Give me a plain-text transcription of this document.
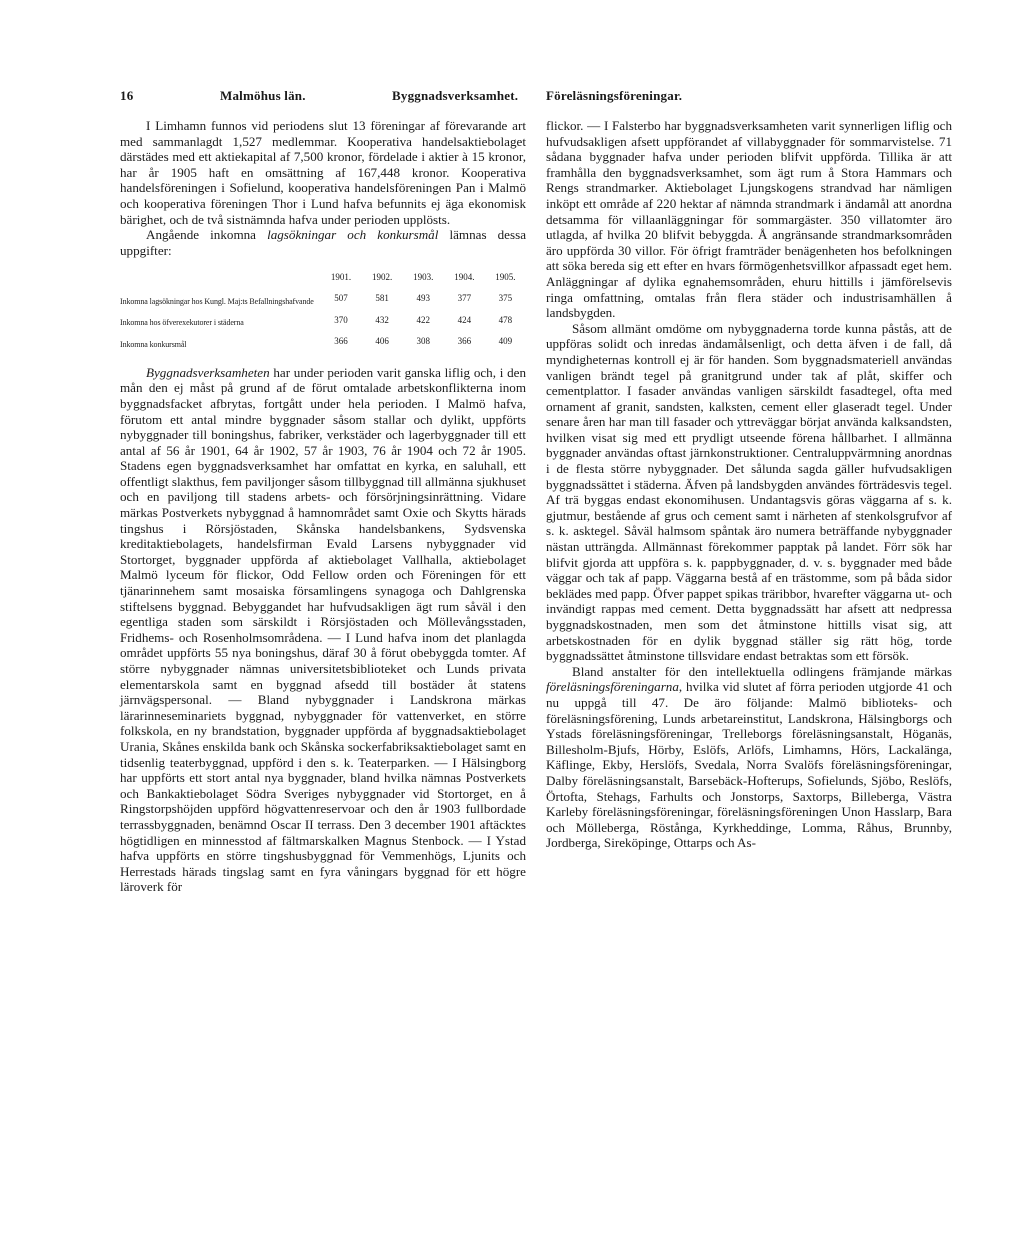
16	Malmöhus län.	Byggnadsverksamhet. Föreläsningsföreningar.

I Limhamn funnos vid periodens slut 13 föreningar af förevarande art med sammanlagdt 1,527 medlemmar. Kooperativa handelsaktiebolaget därstädes med ett aktiekapital af 7,500 kronor, fördelade i aktier à 15 kronor, har år 1905 haft en omsättning af 167,448 kronor. Kooperativa handelsföreningen i Sofielund, kooperativa handelsföreningen Pan i Malmö och kooperativa föreningen Thor i Lund hafva befunnits ej äga ekonomisk bärighet, och de två sistnämnda hafva under perioden upplösts.

Angående inkomna lagsökningar och konkursmål lämnas dessa uppgifter:

	1901.	1902.	1903.	1904.	1905.
Inkomna lagsökningar hos Kungl. Maj:ts Befallningshafvande	507	581	493	377	375
Inkomna hos öfverexekutorer i städerna	370	432	422	424	478
Inkomna konkursmål	366	406	308	366	409

Byggnadsverksamheten har under perioden varit ganska liflig och, i den mån den ej måst på grund af de förut omtalade arbetskonflikterna inom byggnadsfacket afbrytas, fortgått under hela perioden. I Malmö hafva, förutom ett antal mindre byggnader såsom stallar och dylikt, uppförts nybyggnader till boningshus, fabriker, verkstäder och lagerbyggnader till ett antal af 56 år 1901, 64 år 1902, 57 år 1903, 76 år 1904 och 72 år 1905. Stadens egen byggnadsverksamhet har omfattat en kyrka, en saluhall, ett offentligt slakthus, fem paviljonger såsom tillbyggnad till allmänna sjukhuset och en paviljong till stadens arbets- och försörjningsinrättning. Vidare märkas Postverkets nybyggnad å hamnområdet samt Oxie och Skytts härads tingshus i Rörsjöstaden, Skånska handelsbankens, Sydsvenska kreditaktiebolagets, handelsfirman Evald Larsens nybyggnader vid Stortorget, byggnader uppförda af aktiebolaget Vallhalla, aktiebolaget Malmö lyceum för flickor, Odd Fellow orden och Föreningen för ett tjänarinnehem samt mosaiska församlingens synagoga och Dahlgrenska stiftelsens byggnad. Bebyggandet har hufvudsakligen ägt rum såväl i den egentliga staden som särskildt i Rörsjöstaden och Möllevångsstaden, Fridhems- och Rosenholmsområdena. — I Lund hafva inom det planlagda området uppförts 55 nya boningshus, däraf 30 å förut obebyggda tomter. Af större nybyggnader nämnas universitetsbiblioteket och Lunds privata elementarskola samt en byggnad afsedd till bostäder åt statens järnvägspersonal. — Bland nybyggnader i Landskrona märkas lärarinneseminariets byggnad, nybyggnader för vattenverket, en större folkskola, en ny brandstation, byggnader uppförda af byggnadsaktiebolaget Urania, Skånes enskilda bank och Skånska sockerfabriksaktiebolaget samt en tidsenlig teaterbyggnad, uppförd i den s. k. Teaterparken. — I Hälsingborg har uppförts ett stort antal nya byggnader, bland hvilka nämnas Postverkets och Bankaktiebolaget Södra Sveriges nybyggnader vid Stortorget, en å Ringstorpshöjden uppförd högvattenreservoar och den år 1903 fullbordade terrassbyggnaden, benämnd Oscar II terrass. Den 3 december 1901 aftäcktes högtidligen en minnesstod af fältmarskalken Magnus Stenbock. — I Ystad hafva uppförts en större tingshusbyggnad för Vemmenhögs, Ljunits och Herrestads härads tingslag samt en fyra våningars byggnad för ett högre läroverk för

flickor. — I Falsterbo har byggnadsverksamheten varit synnerligen liflig och hufvudsakligen afsett uppförandet af villabyggnader för sommarvistelse. 71 sådana byggnader hafva under perioden blifvit uppförda. Tillika är att framhålla den byggnadsverksamhet, som ägt rum å Stora Hammars och Rengs strandmarker. Aktiebolaget Ljungskogens strandvad har nämligen inköpt ett område af 220 hektar af nämnda strandmark i ändamål att anordna detsamma för villaanläggningar för sommargäster. 350 villatomter äro utlagda, af hvilka 20 blifvit bebyggda. Å angränsande strandmarksområden äro uppförda 30 villor. För öfrigt framträder benägenheten hos befolkningen att söka bereda sig ett efter en hvars förmögenhetsvillkor afpassadt eget hem. Anläggningar af dylika egnahemsområden, ehuru hittills i jämförelsevis ringa omfattning, omtalas från flera städer och industrisamhällen å landsbygden.

Såsom allmänt omdöme om nybyggnaderna torde kunna påstås, att de uppföras solidt och inredas ändamålsenligt, och detta äfven i de fall, då myndigheternas kontroll ej är för handen. Som byggnadsmateriell användas vanligen brändt tegel på granitgrund under tak af plåt, skiffer och cementplattor. I fasader användas vanligen särskildt fasadtegel, ofta med ornament af granit, sandsten, kalksten, cement eller glaseradt tegel. Under senare åren har man till fasader och yttreväggar börjat använda kalksandsten, hvilken visat sig med ett prydligt utseende förena hållbarhet. I allmänna byggnader användas oftast järnkonstruktioner. Centraluppvärmning anordnas i de flesta större nybyggnader. Det sålunda sagda gäller hufvudsakligen byggnadssättet i städerna. Äfven på landsbygden användes förträdesvis tegel. Af trä byggas endast ekonomihusen. Undantagsvis göras väggarna af s. k. gjutmur, bestående af grus och cement samt i närheten af stenkolsgrufvor af s. k. asktegel. Såväl halmsom spåntak äro numera beträffande nybyggnader nästan utträngda. Allmännast förekommer papptak på landet. Förr sök har blifvit gjorda att uppföra s. k. pappbyggnader, d. v. s. byggnader med både väggar och tak af papp. Väggarna bestå af en trästomme, som på båda sidor beklädes med papp. Öfver pappet spikas träribbor, hvarefter väggarna ut- och invändigt rappas med cement. Detta byggnadssätt har afsett att nedpressa byggnadskostnaden, men som det åtminstone hittills visat sig, att arbetskostnaden för en dylik byggnad ställer sig rätt hög, torde byggnadssättet åtminstone tillsvidare endast betraktas som ett försök.

Bland anstalter för den intellektuella odlingens främjande märkas föreläsningsföreningarna, hvilka vid slutet af förra perioden utgjorde 41 och nu uppgå till 47. De äro följande: Malmö biblioteks- och föreläsningsförening, Lunds arbetareinstitut, Landskrona, Hälsingborgs och Ystads föreläsningsföreningar, Trelleborgs föreläsningsanstalt, Höganäs, Billesholm-Bjufs, Hörby, Eslöfs, Arlöfs, Limhamns, Hörs, Lackalänga, Käflinge, Ekby, Herslöfs, Svedala, Norra Svalöfs föreläsningsföreningar, Dalby föreläsningsanstalt, Barsebäck-Hofterups, Sofielunds, Sjöbo, Reslöfs, Örtofta, Stehags, Farhults och Jonstorps, Saxtorps, Billeberga, Västra Karleby föreläsningsföreningar, föreläsningsföreningen Unon Hasslarp, Bara och Mölleberga, Röstånga, Kyrkheddinge, Lomma, Råhus, Brunnby, Jordberga, Sireköpinge, Ottarps och As-
